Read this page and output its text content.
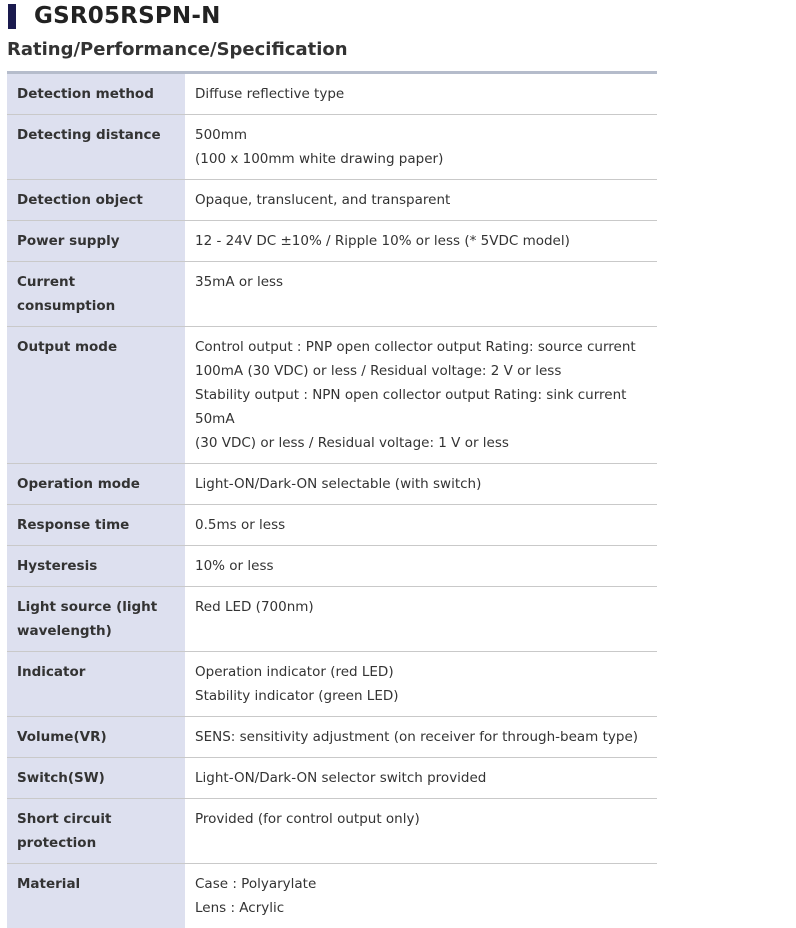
GSR05RSPN-N
Rating/Performance/Specification
Detection method	Diffuse reflective type

Detecting distance	500mm
(100 x 100mm white drawing paper)

Detection object	Opaque, translucent, and transparent

Power supply	12 - 24V DC ±10% / Ripple 10% or less (* 5VDC model)

Current consumption	35mA or less

Output mode	Control output : PNP open collector output Rating: source current
100mA (30 VDC) or less / Residual voltage: 2 V or less
Stability output : NPN open collector output Rating: sink current 50mA
(30 VDC) or less / Residual voltage: 1 V or less

Operation mode	Light-ON/Dark-ON selectable (with switch)

Response time	0.5ms or less

Hysteresis	10% or less

Light source (light wavelength)	Red LED (700nm)

Indicator	Operation indicator (red LED)
Stability indicator (green LED)

Volume(VR)	SENS: sensitivity adjustment (on receiver for through-beam type)

Switch(SW)	Light-ON/Dark-ON selector switch provided

Short circuit protection	Provided (for control output only)

Material	Case : Polyarylate
Lens : Acrylic
